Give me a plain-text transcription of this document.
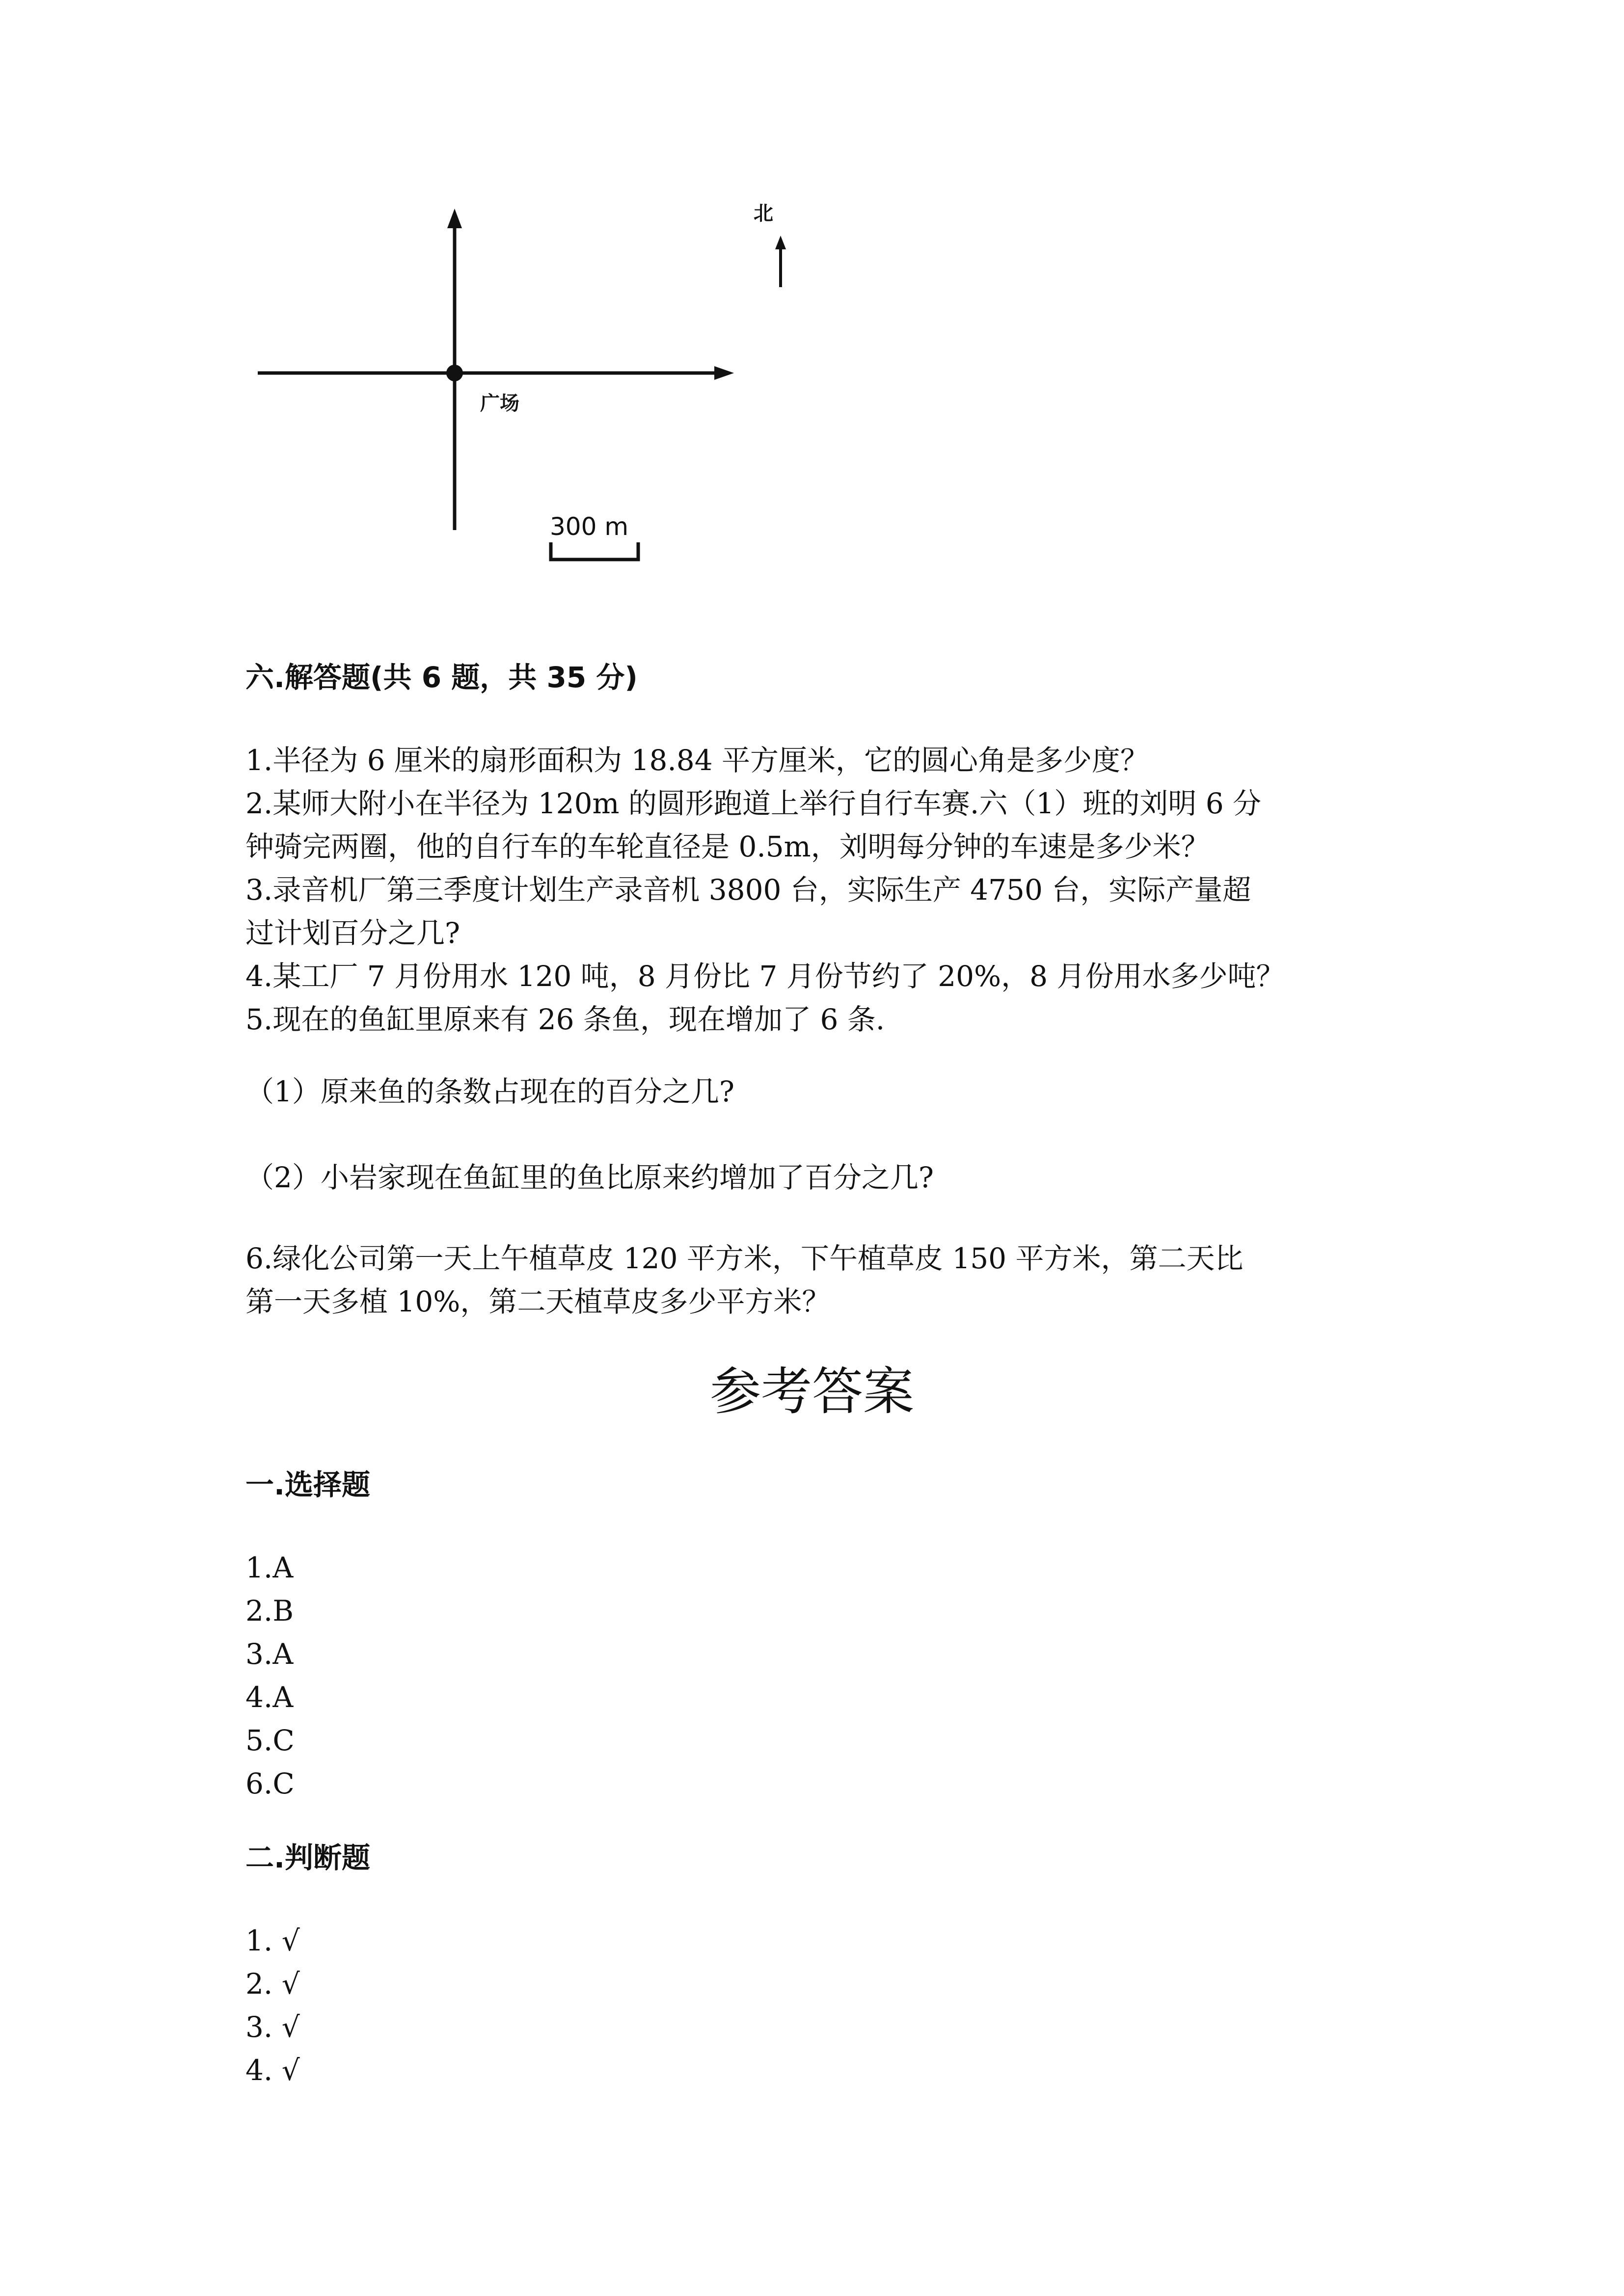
广场
北
300 m
六.解答题(共 6 题，共 35 分)
1.半径为 6 厘米的扇形面积为 18.84 平方厘米，它的圆心角是多少度？
2.某师大附小在半径为 120m 的圆形跑道上举行自行车赛.六（1）班的刘明 6 分
钟骑完两圈，他的自行车的车轮直径是 0.5m，刘明每分钟的车速是多少米？
3.录音机厂第三季度计划生产录音机 3800 台，实际生产 4750 台，实际产量超
过计划百分之几?
4.某工厂 7 月份用水 120 吨，8 月份比 7 月份节约了 20%，8 月份用水多少吨？
5.现在的鱼缸里原来有 26 条鱼，现在增加了 6 条.
（1）原来鱼的条数占现在的百分之几?
（2）小岩家现在鱼缸里的鱼比原来约增加了百分之几?
6.绿化公司第一天上午植草皮 120 平方米，下午植草皮 150 平方米，第二天比
第一天多植 10%，第二天植草皮多少平方米？
参考答案
一.选择题
1.A
2.B
3.A
4.A
5.C
6.C
二.判断题
1. √
2. √
3. √
4. √
